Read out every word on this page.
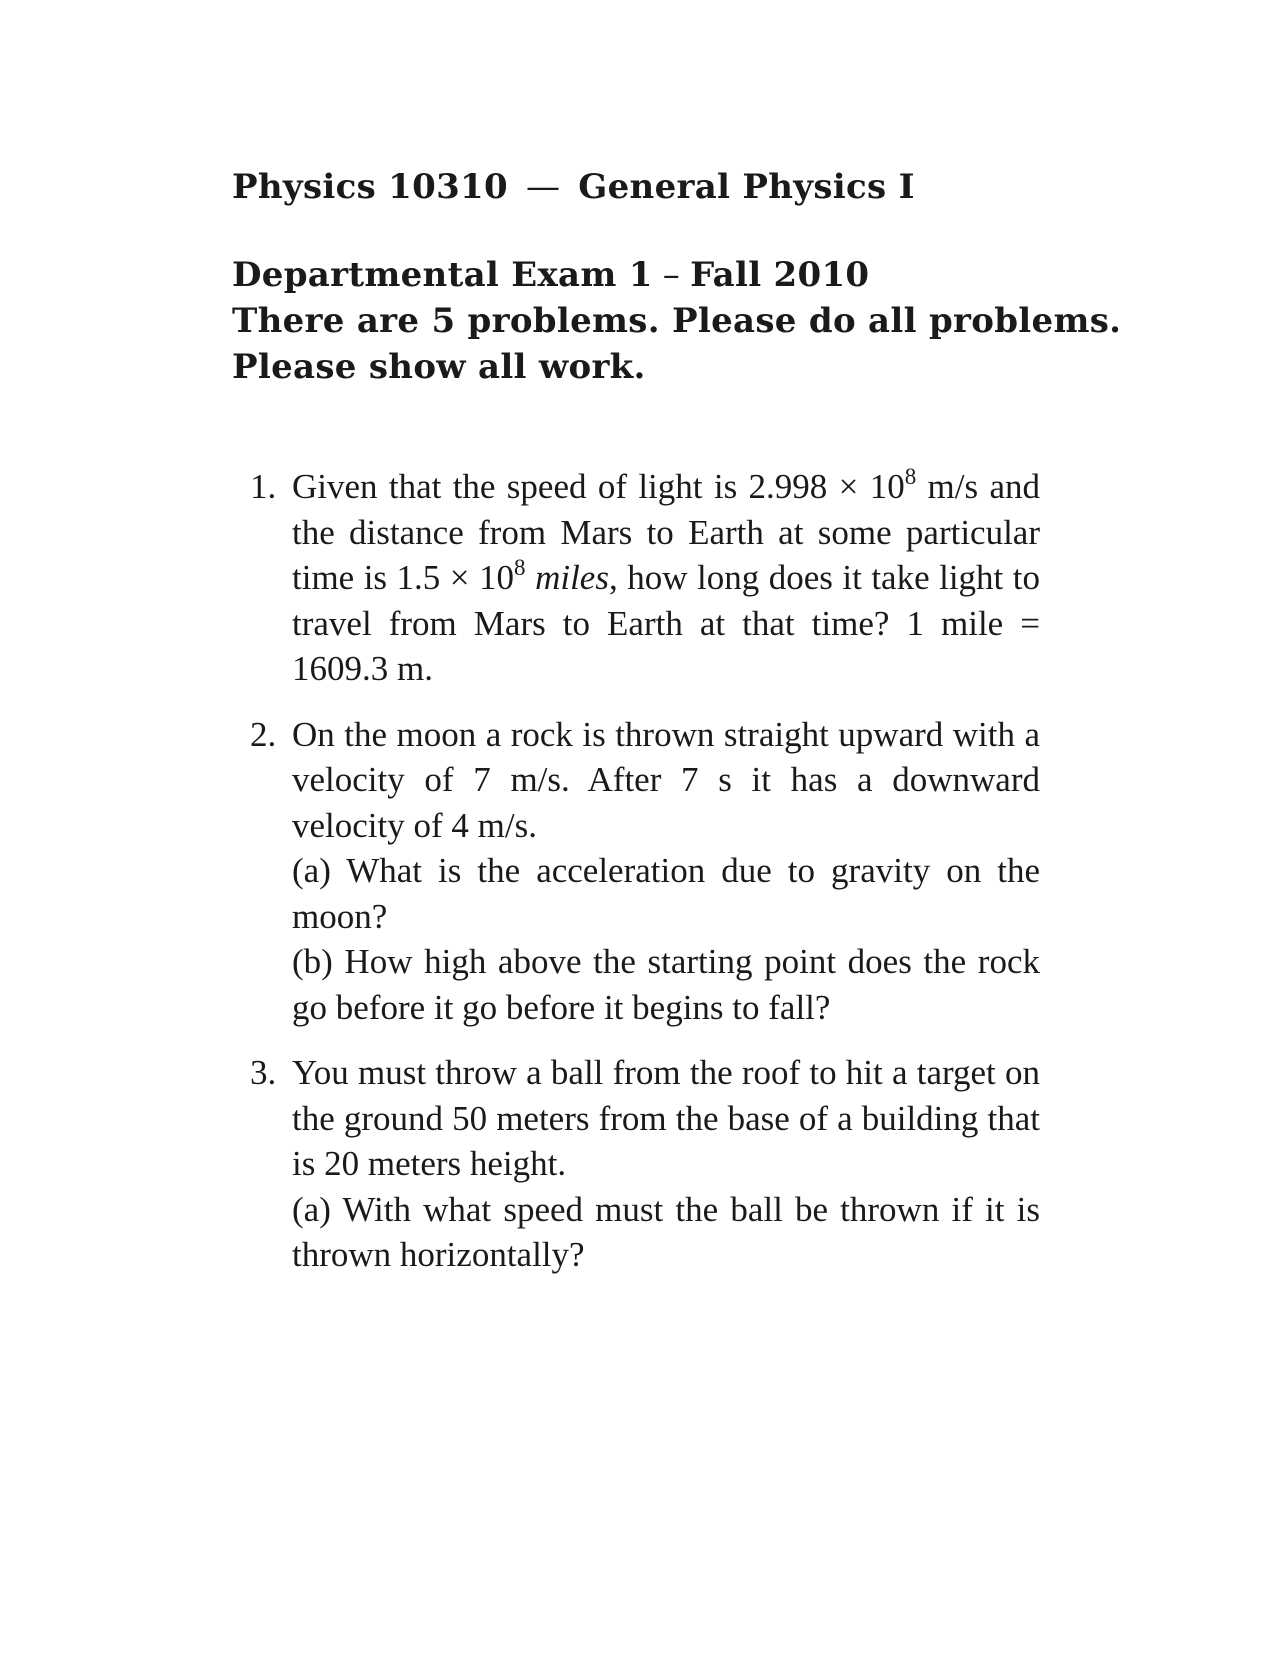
Physics 10310 — General Physics I
Departmental Exam 1 – Fall 2010
There are 5 problems. Please do all problems.
Please show all work.
1. Given that the speed of light is $2.998 \times 10^8$ m/s and the distance from Mars to Earth at some particular time is $1.5 \times 10^8$ miles, how long does it take light to travel from Mars to Earth at that time? 1 mile = 1609.3 m.

2. On the moon a rock is thrown straight upward with a velocity of 7 m/s. After 7 s it has a downward velocity of 4 m/s.

(a) What is the acceleration due to gravity on the moon?

(b) How high above the starting point does the rock go before it go before it begins to fall?

3. You must throw a ball from the roof to hit a target on the ground 50 meters from the base of a building that is 20 meters height.

(a) With what speed must the ball be thrown if it is thrown horizontally?
